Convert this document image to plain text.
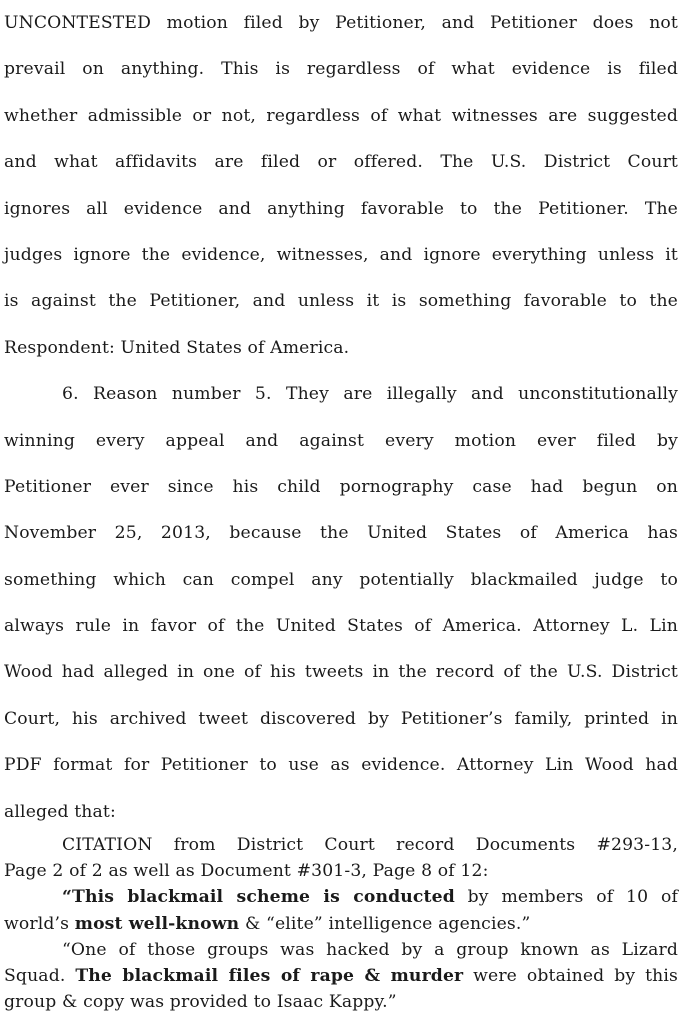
UNCONTESTED motion filed by Petitioner, and Petitioner does not
prevail on anything. This is regardless of what evidence is filed
whether admissible or not, regardless of what witnesses are suggested
and what affidavits are filed or offered. The U.S. District Court
ignores all evidence and anything favorable to the Petitioner. The
judges ignore the evidence, witnesses, and ignore everything unless it
is against the Petitioner, and unless it is something favorable to the
Respondent: United States of America.
6. Reason number 5. They are illegally and unconstitutionally
winning every appeal and against every motion ever filed by
Petitioner ever since his child pornography case had begun on
November 25, 2013, because the United States of America has
something which can compel any potentially blackmailed judge to
always rule in favor of the United States of America. Attorney L. Lin
Wood had alleged in one of his tweets in the record of the U.S. District
Court, his archived tweet discovered by Petitioner’s family, printed in
PDF format for Petitioner to use as evidence. Attorney Lin Wood had
alleged that:
CITATION from District Court record Documents #293-13,
Page 2 of 2 as well as Document #301-3, Page 8 of 12:
“This blackmail scheme is conducted by members of 10 of
world’s most well-known & “elite” intelligence agencies.”
“One of those groups was hacked by a group known as Lizard
Squad. The blackmail files of rape & murder were obtained by this
group & copy was provided to Isaac Kappy.”
